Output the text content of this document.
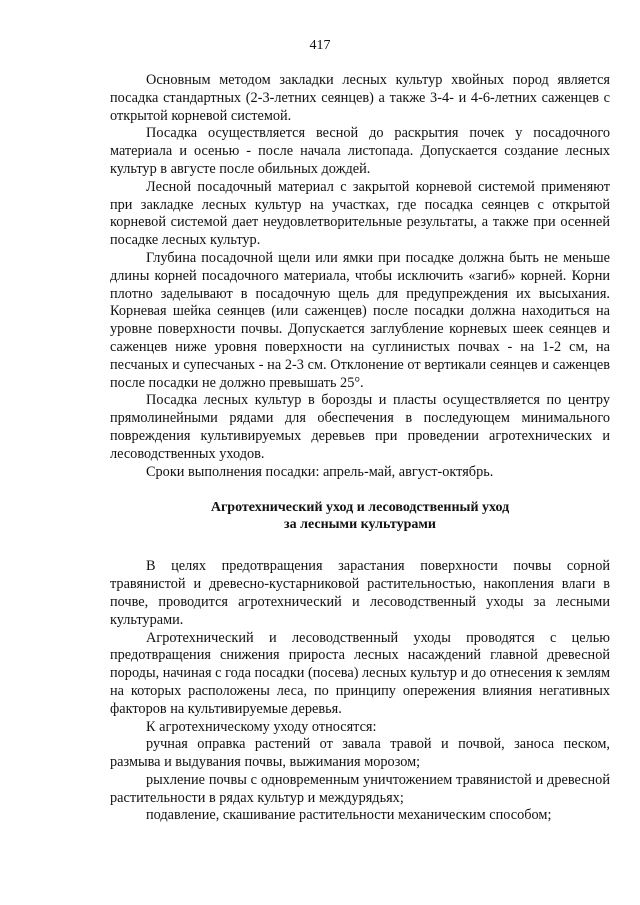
417

Основным методом закладки лесных культур хвойных пород является посадка стандартных (2-3-летних сеянцев) а также 3-4- и 4-6-летних саженцев с открытой корневой системой.

Посадка осуществляется весной до раскрытия почек у посадочного материала и осенью - после начала листопада. Допускается создание лесных культур в августе после обильных дождей.

Лесной посадочный материал с закрытой корневой системой применяют при закладке лесных культур на участках, где посадка сеянцев с открытой корневой системой дает неудовлетворительные результаты, а также при осенней посадке лесных культур.

Глубина посадочной щели или ямки при посадке должна быть не меньше длины корней посадочного материала, чтобы исключить «загиб» корней. Корни плотно заделывают в посадочную щель для предупреждения их высыхания. Корневая шейка сеянцев (или саженцев) после посадки должна находиться на уровне поверхности почвы. Допускается заглубление корневых шеек сеянцев и саженцев ниже уровня поверхности на суглинистых почвах - на 1-2 см, на песчаных и супесчаных - на 2-3 см. Отклонение от вертикали сеянцев и саженцев после посадки не должно превышать 25°.

Посадка лесных культур в борозды и пласты осуществляется по центру прямолинейными рядами для обеспечения в последующем минимального повреждения культивируемых деревьев при проведении агротехнических и лесоводственных уходов.

Сроки выполнения посадки: апрель-май, август-октябрь.

Агротехнический уход и лесоводственный уход
за лесными культурами

В целях предотвращения зарастания поверхности почвы сорной травянистой и древесно-кустарниковой растительностью, накопления влаги в почве, проводится агротехнический и лесоводственный уходы за лесными культурами.

Агротехнический и лесоводственный уходы проводятся с целью предотвращения снижения прироста лесных насаждений главной древесной породы, начиная с года посадки (посева) лесных культур и до отнесения к землям на которых расположены леса, по принципу опережения влияния негативных факторов на культивируемые деревья.

К агротехническому уходу относятся:

ручная оправка растений от завала травой и почвой, заноса песком, размыва и выдувания почвы, выжимания морозом;

рыхление почвы с одновременным уничтожением травянистой и древесной растительности в рядах культур и междурядьях;

подавление, скашивание растительности механическим способом;
